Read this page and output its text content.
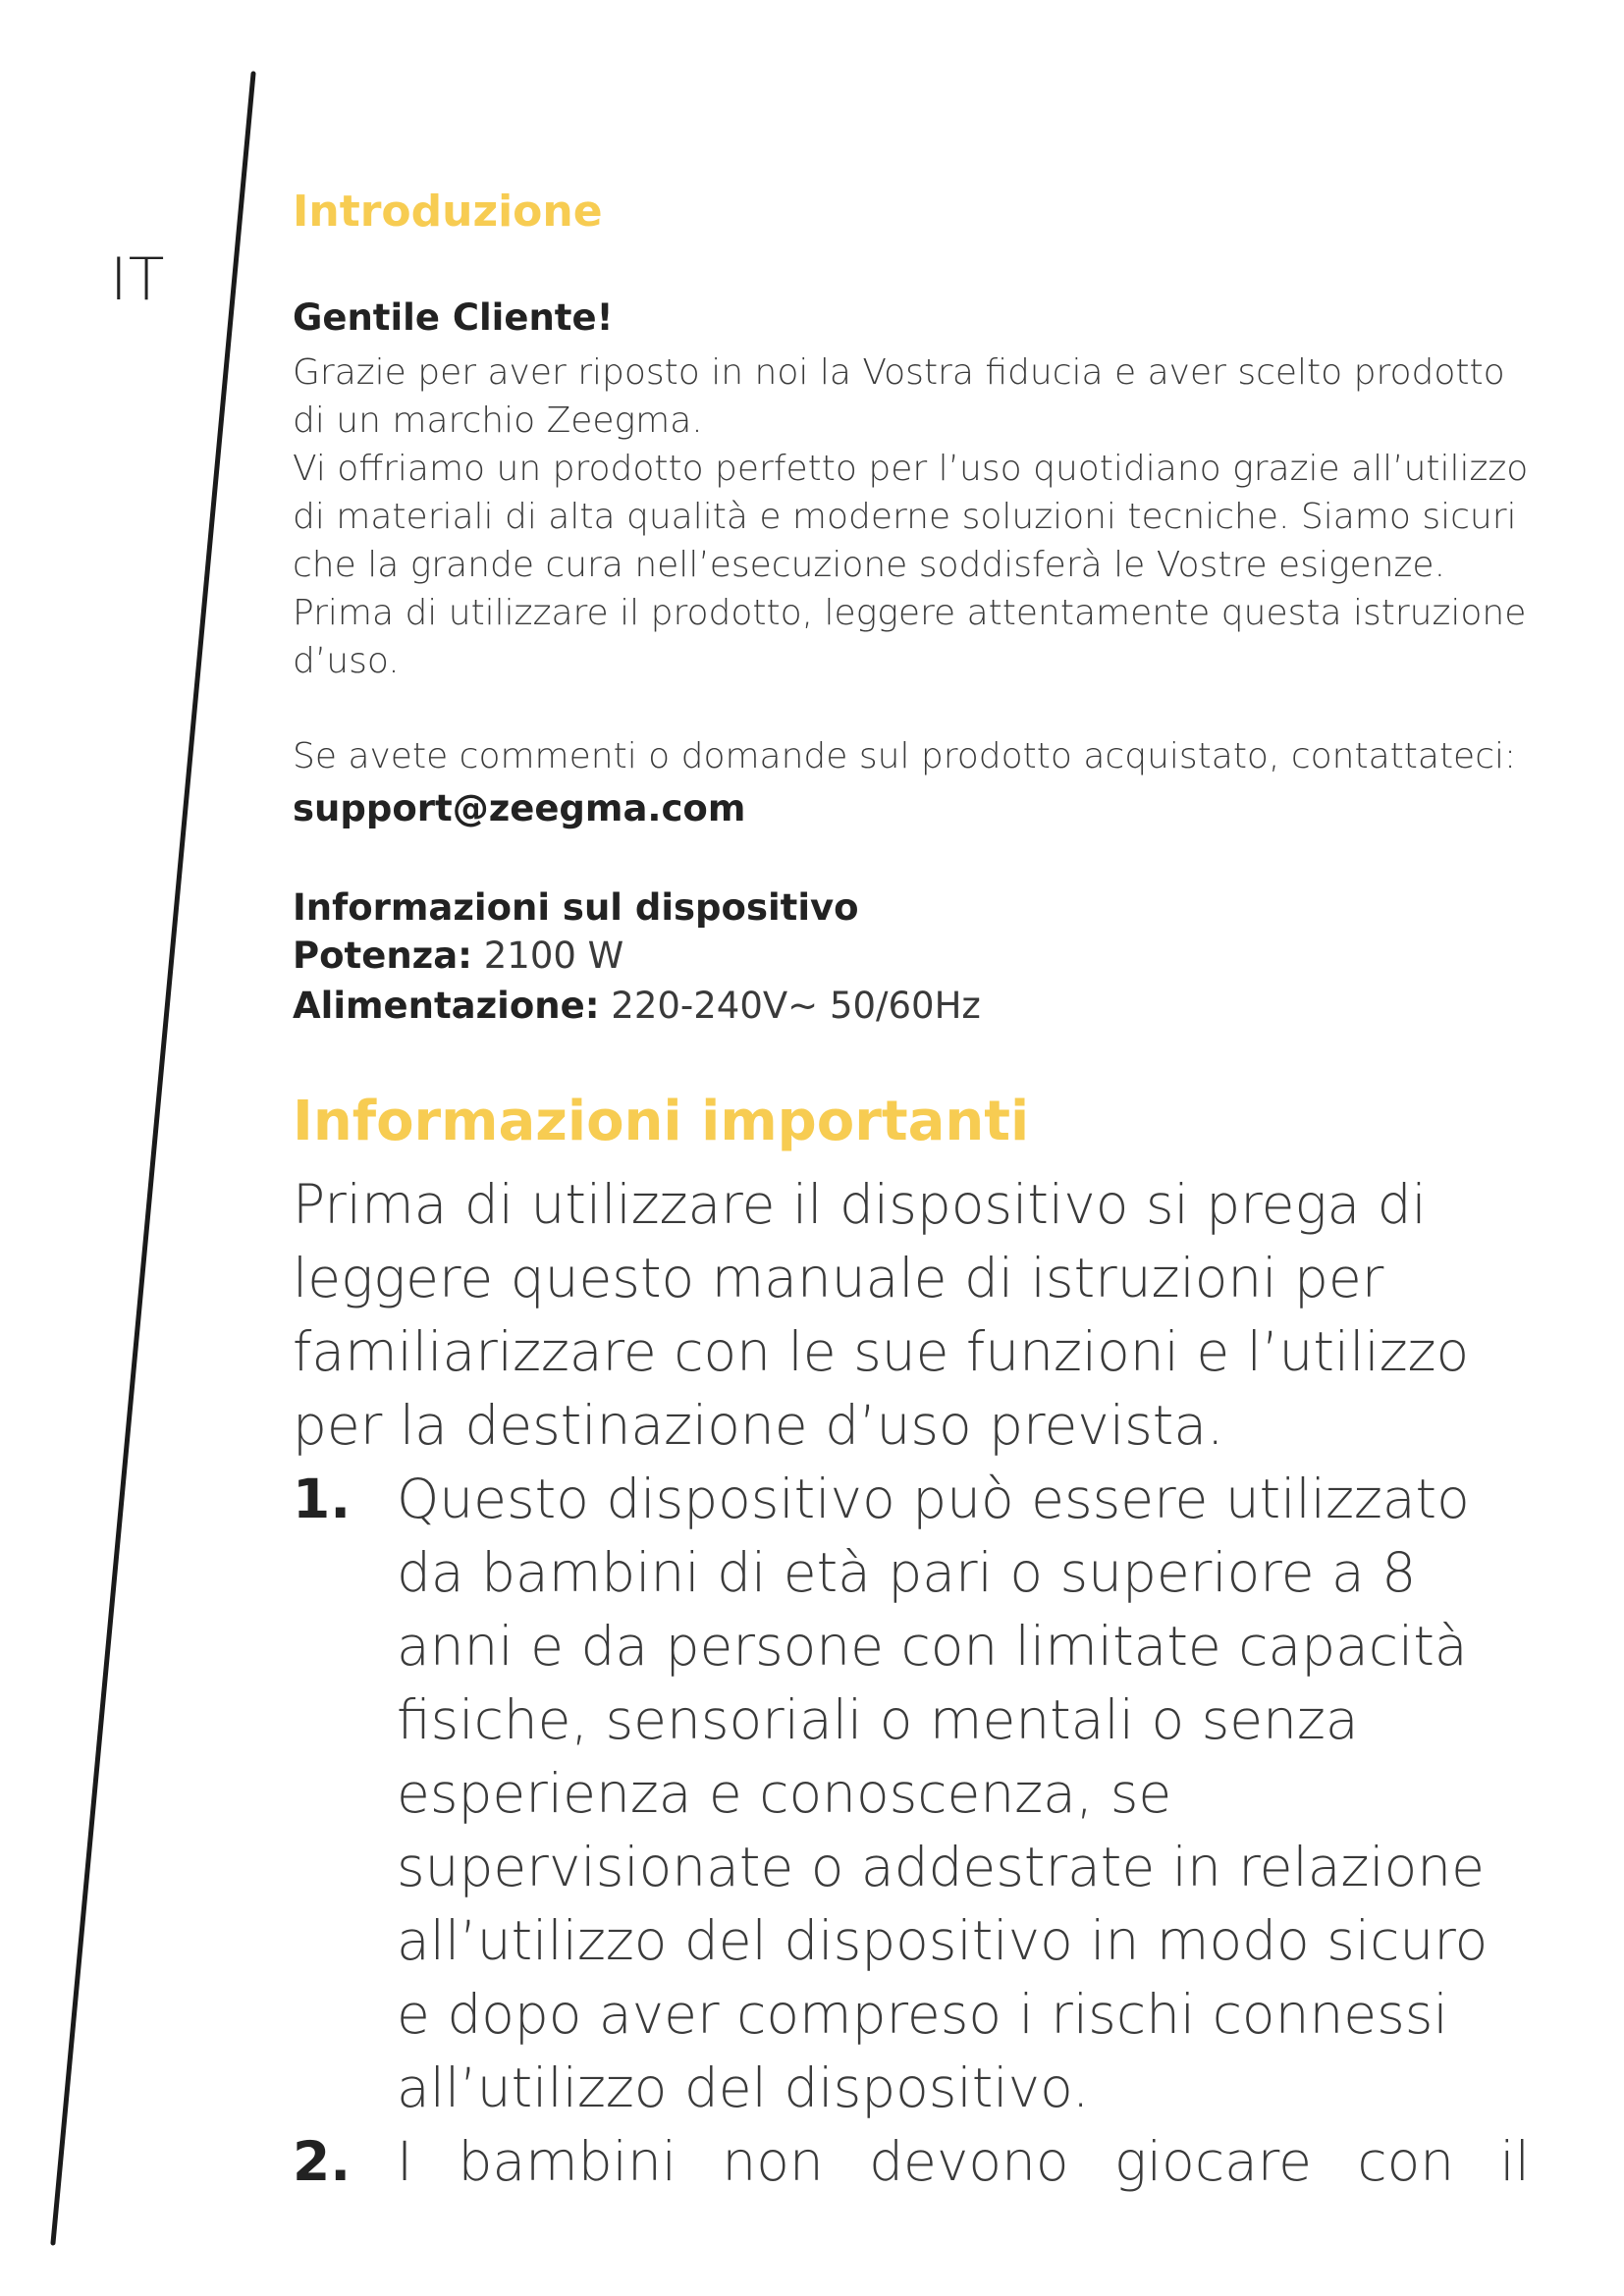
IT
Introduzione
Gentile Cliente!

Grazie per aver riposto in noi la Vostra fiducia e aver scelto prodotto di un marchio Zeegma.

Vi offriamo un prodotto perfetto per l’uso quotidiano grazie all’utilizzo di materiali di alta qualità e moderne soluzioni tecniche. Siamo sicuri che la grande cura nell’esecuzione soddisferà le Vostre esigenze.

Prima di utilizzare il prodotto, leggere attentamente questa istruzione d’uso.

Se avete commenti o domande sul prodotto acquistato, contattateci:
support@zeegma.com
Informazioni sul dispositivo
Potenza: 2100 W
Alimentazione: 220-240V~ 50/60Hz
Informazioni importanti
Prima di utilizzare il dispositivo si prega di leggere questo manuale di istruzioni per familiarizzare con le sue funzioni e l’utilizzo per la destinazione d’uso prevista.
1. Questo dispositivo può essere utilizzato da bambini di età pari o superiore a 8 anni e da persone con limitate capacità fisiche, sensoriali o mentali o senza esperienza e conoscenza, se supervisionate o addestrate in relazione all’utilizzo del dispositivo in modo sicuro e dopo aver compreso i rischi connessi all’utilizzo del dispositivo.
2. I bambini non devono giocare con il
